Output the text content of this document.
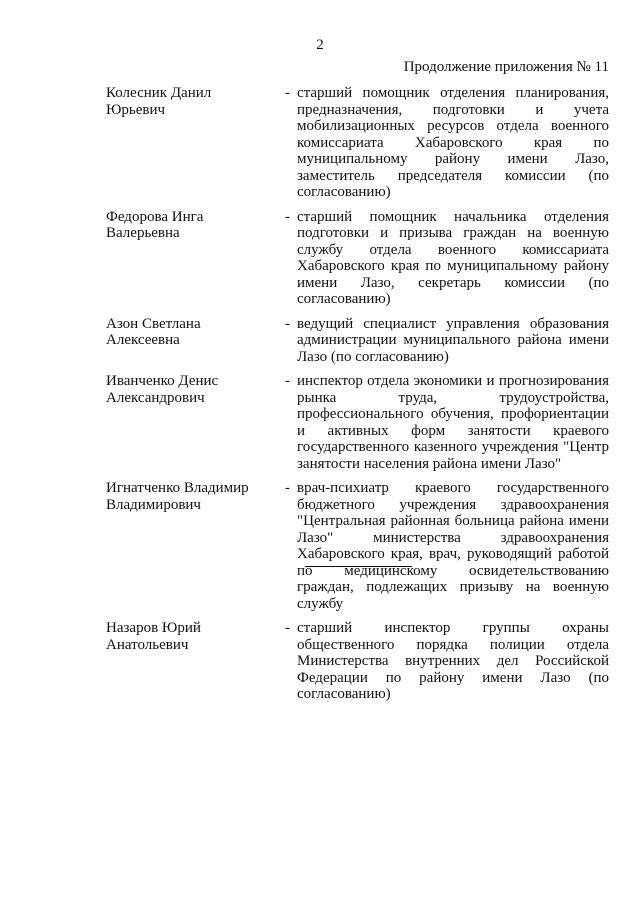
2
Продолжение приложения № 11
Колесник Данил
Юрьевич
- старший помощник отделения планирования, предназначения, подготовки и учета мобилизационных ресурсов отдела военного комиссариата Хабаровского края по муниципальному району имени Лазо, заместитель председателя комиссии (по согласованию)
Федорова Инга
Валерьевна
- старший помощник начальника отделения подготовки и призыва граждан на военную службу отдела военного комиссариата Хабаровского края по муниципальному району имени Лазо, секретарь комиссии (по согласованию)
Азон Светлана
Алексеевна
- ведущий специалист управления образования администрации муниципального района имени Лазо (по согласованию)
Иванченко Денис
Александрович
- инспектор отдела экономики и прогнозирования рынка труда, трудоустройства, профессионального обучения, профориентации и активных форм занятости краевого государственного казенного учреждения "Центр занятости населения района имени Лазо"
Игнатченко Владимир
Владимирович
- врач-психиатр краевого государственного бюджетного учреждения здравоохранения "Центральная районная больница района имени Лазо" министерства здравоохранения Хабаровского края, врач, руководящий работой по медицинскому освидетельствованию граждан, подлежащих призыву на военную службу
Назаров Юрий
Анатольевич
- старший инспектор группы охраны общественного порядка полиции отдела Министерства внутренних дел Российской Федерации по району имени Лазо (по согласованию)
